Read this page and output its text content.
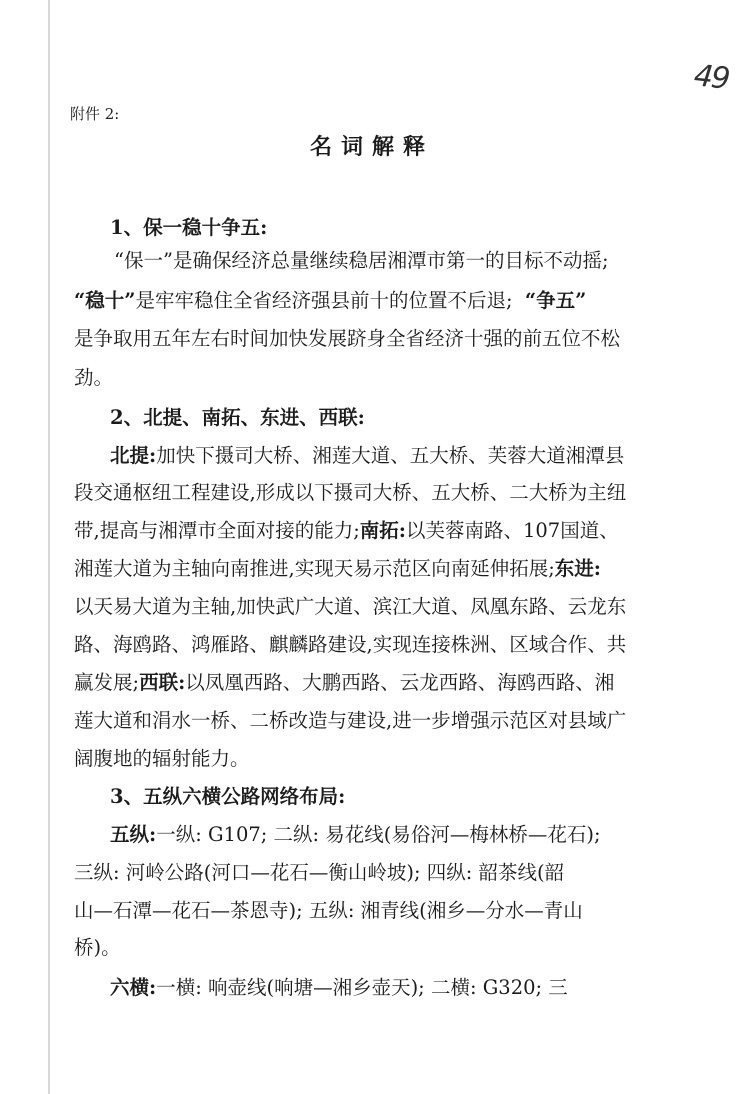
49
附件 2:
名词解释
1、保一稳十争五:
“保一”是确保经济总量继续稳居湘潭市第一的目标不动摇;
“稳十”是牢牢稳住全省经济强县前十的位置不后退; “争五”
是争取用五年左右时间加快发展跻身全省经济十强的前五位不松
劲。
2、北提、南拓、东进、西联:
北提:加快下摄司大桥、湘莲大道、五大桥、芙蓉大道湘潭县
段交通枢纽工程建设,形成以下摄司大桥、五大桥、二大桥为主纽
带,提高与湘潭市全面对接的能力;南拓:以芙蓉南路、107国道、
湘莲大道为主轴向南推进,实现天易示范区向南延伸拓展;东进:
以天易大道为主轴,加快武广大道、滨江大道、凤凰东路、云龙东
路、海鸥路、鸿雁路、麒麟路建设,实现连接株洲、区域合作、共
赢发展;西联:以凤凰西路、大鹏西路、云龙西路、海鸥西路、湘
莲大道和涓水一桥、二桥改造与建设,进一步增强示范区对县域广
阔腹地的辐射能力。
3、五纵六横公路网络布局:
五纵:一纵: G107; 二纵: 易花线(易俗河—梅林桥—花石);
三纵: 河岭公路(河口—花石—衡山岭坡); 四纵: 韶茶线(韶
山—石潭—花石—茶恩寺); 五纵: 湘青线(湘乡—分水—青山
桥)。
六横:一横: 响壶线(响塘—湘乡壶天); 二横: G320; 三
